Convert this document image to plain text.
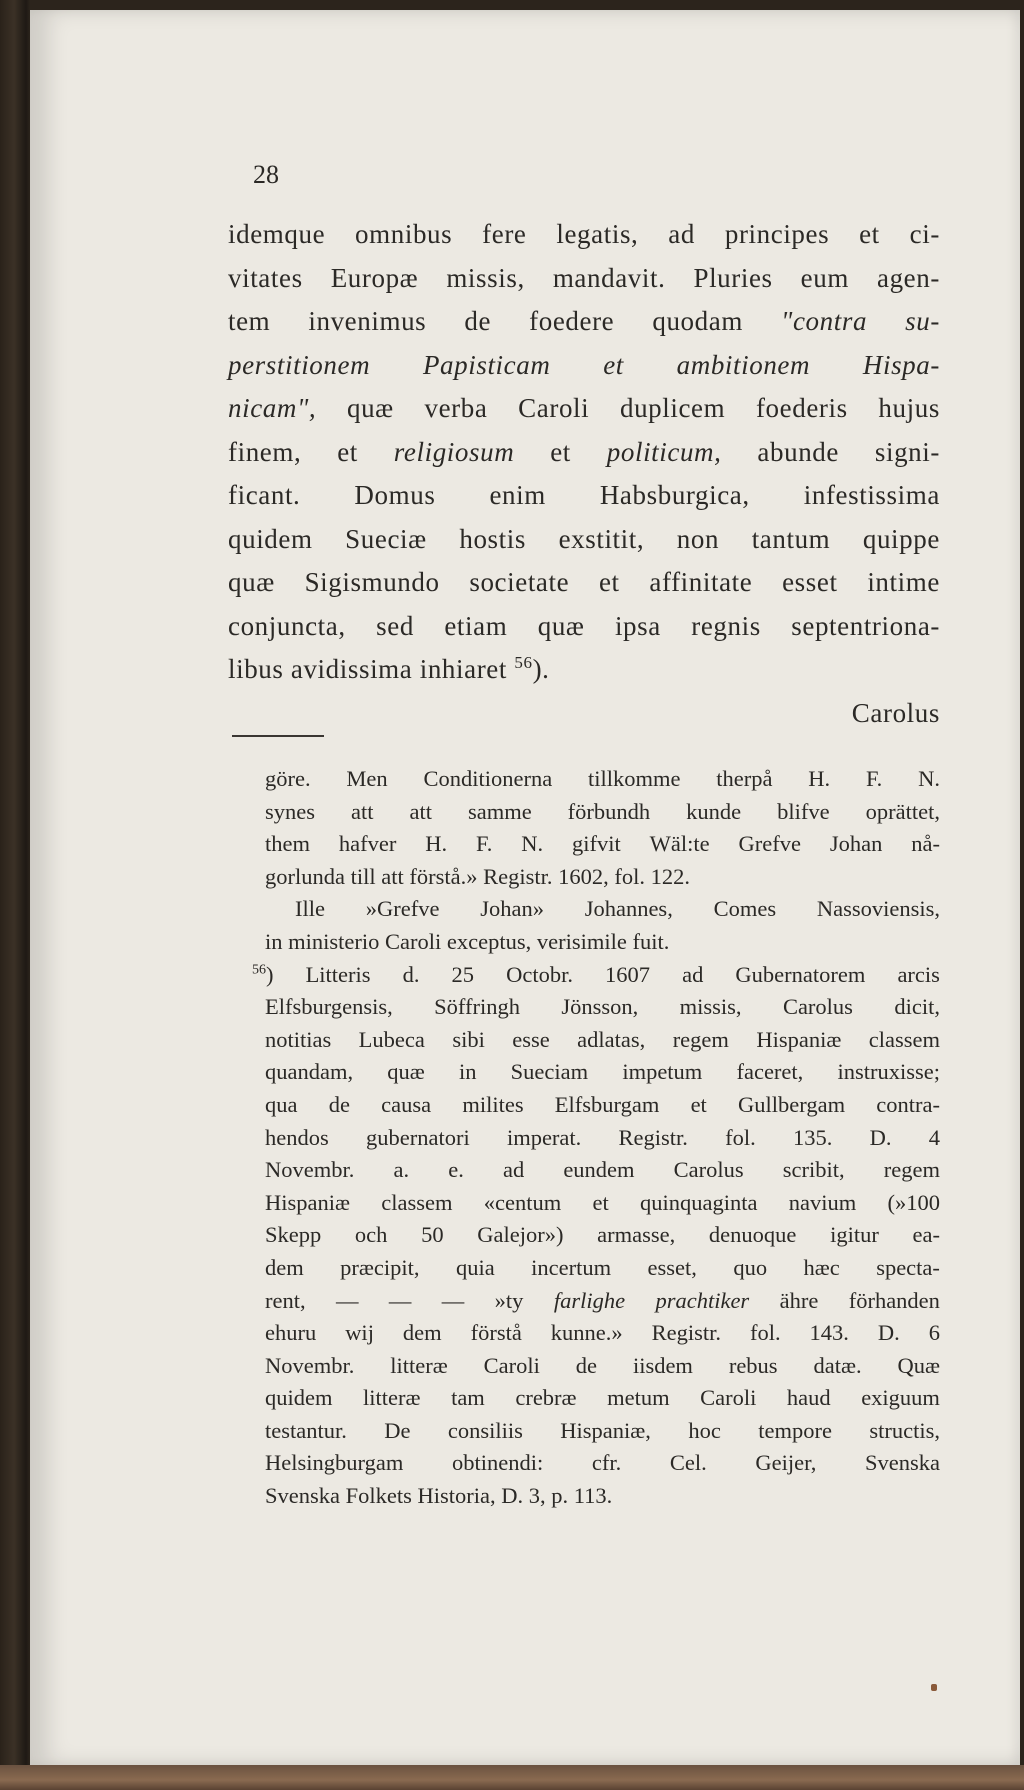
28
idemque omnibus fere legatis, ad principes et ci-
vitates Europæ missis, mandavit. Pluries eum agen-
tem invenimus de foedere quodam "contra su-
perstitionem Papisticam et ambitionem Hispa-
nicam", quæ verba Caroli duplicem foederis hujus
finem, et religiosum et politicum, abunde signi-
ficant. Domus enim Habsburgica, infestissima
quidem Sueciæ hostis exstitit, non tantum quippe
quæ Sigismundo societate et affinitate esset intime
conjuncta, sed etiam quæ ipsa regnis septentriona-
libus avidissima inhiaret $^{56}$).
Carolus
göre. Men Conditionerna tillkomme therpå H. F. N.
synes att att samme förbundh kunde blifve oprättet,
them hafver H. F. N. gifvit Wäl:te Grefve Johan nå-
gorlunda till att förstå.» Registr. 1602, fol. 122.
Ille »Grefve Johan» Johannes, Comes Nassoviensis,
in ministerio Caroli exceptus, verisimile fuit.
$^{56}$) Litteris d. 25 Octobr. 1607 ad Gubernatorem arcis
Elfsburgensis, Söffringh Jönsson, missis, Carolus dicit,
notitias Lubeca sibi esse adlatas, regem Hispaniæ classem
quandam, quæ in Sueciam impetum faceret, instruxisse;
qua de causa milites Elfsburgam et Gullbergam contra-
hendos gubernatori imperat. Registr. fol. 135. D. 4
Novembr. a. e. ad eundem Carolus scribit, regem
Hispaniæ classem «centum et quinquaginta navium (»100
Skepp och 50 Galejor») armasse, denuoque igitur ea-
dem præcipit, quia incertum esset, quo hæc specta-
rent, — — — »ty farlighe prachtiker ähre förhanden
ehuru wij dem förstå kunne.» Registr. fol. 143. D. 6
Novembr. litteræ Caroli de iisdem rebus datæ. Quæ
quidem litteræ tam crebræ metum Caroli haud exiguum
testantur. De consiliis Hispaniæ, hoc tempore structis,
Helsingburgam obtinendi: cfr. Cel. Geijer, Svenska
Svenska Folkets Historia, D. 3, p. 113.
